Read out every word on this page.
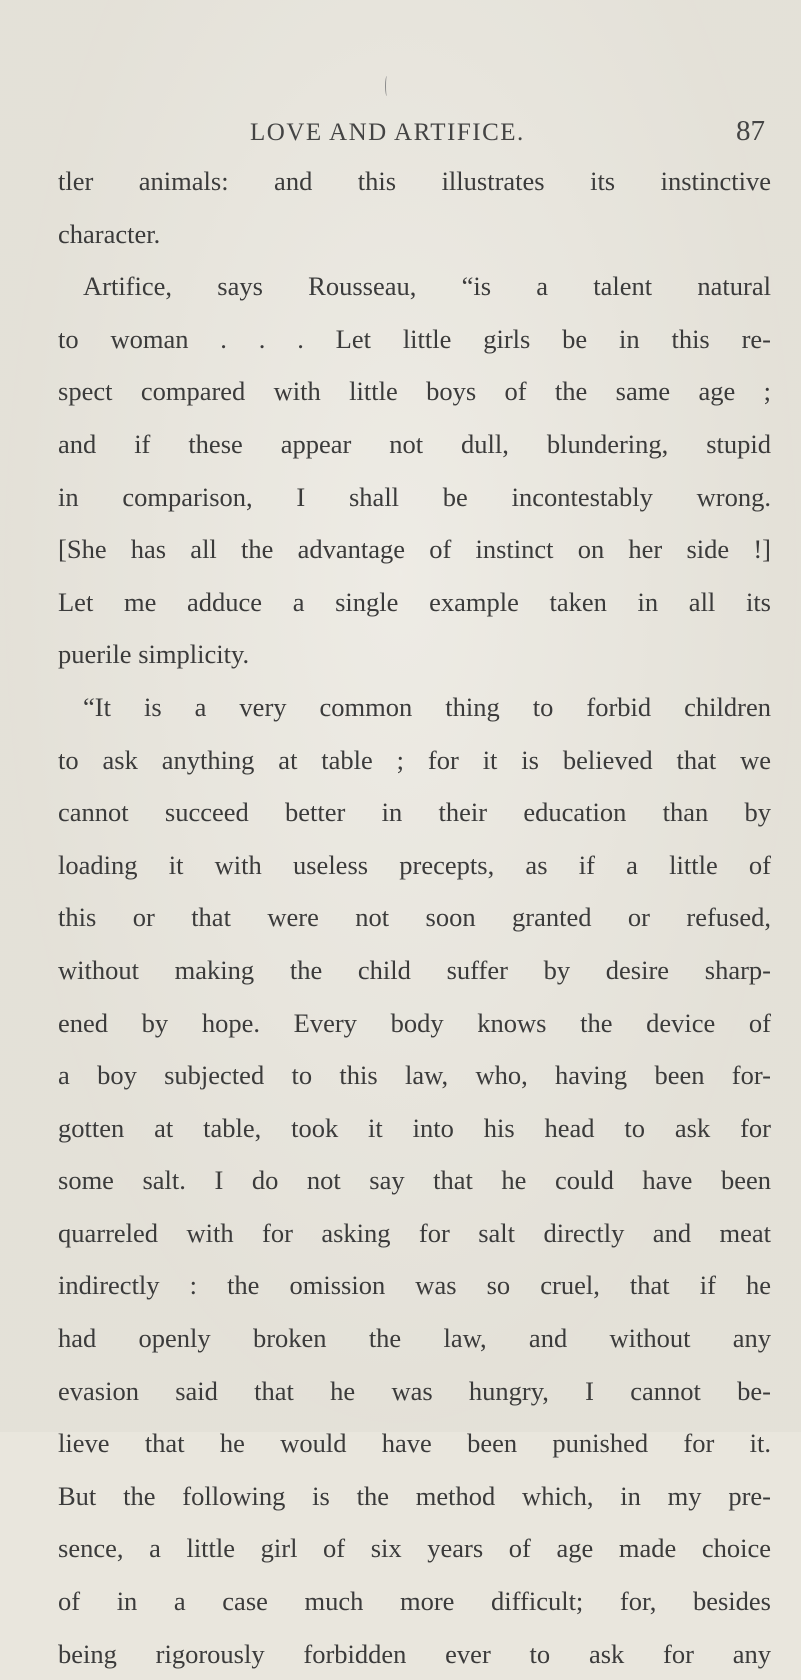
LOVE AND ARTIFICE.	87
tler animals: and this illustrates its instinctive
character.
Artifice, says Rousseau, “is a talent natural
to woman . . . Let little girls be in this re-
spect compared with little boys of the same age ;
and if these appear not dull, blundering, stupid
in comparison, I shall be incontestably wrong.
[She has all the advantage of instinct on her side !]
Let me adduce a single example taken in all its
puerile simplicity.
“It is a very common thing to forbid children
to ask anything at table ; for it is believed that we
cannot succeed better in their education than by
loading it with useless precepts, as if a little of
this or that were not soon granted or refused,
without making the child suffer by desire sharp-
ened by hope. Every body knows the device of
a boy subjected to this law, who, having been for-
gotten at table, took it into his head to ask for
some salt. I do not say that he could have been
quarreled with for asking for salt directly and meat
indirectly : the omission was so cruel, that if he
had openly broken the law, and without any
evasion said that he was hungry, I cannot be-
lieve that he would have been punished for it.
But the following is the method which, in my pre-
sence, a little girl of six years of age made choice
of in a case much more difficult; for, besides
being rigorously forbidden ever to ask for any
